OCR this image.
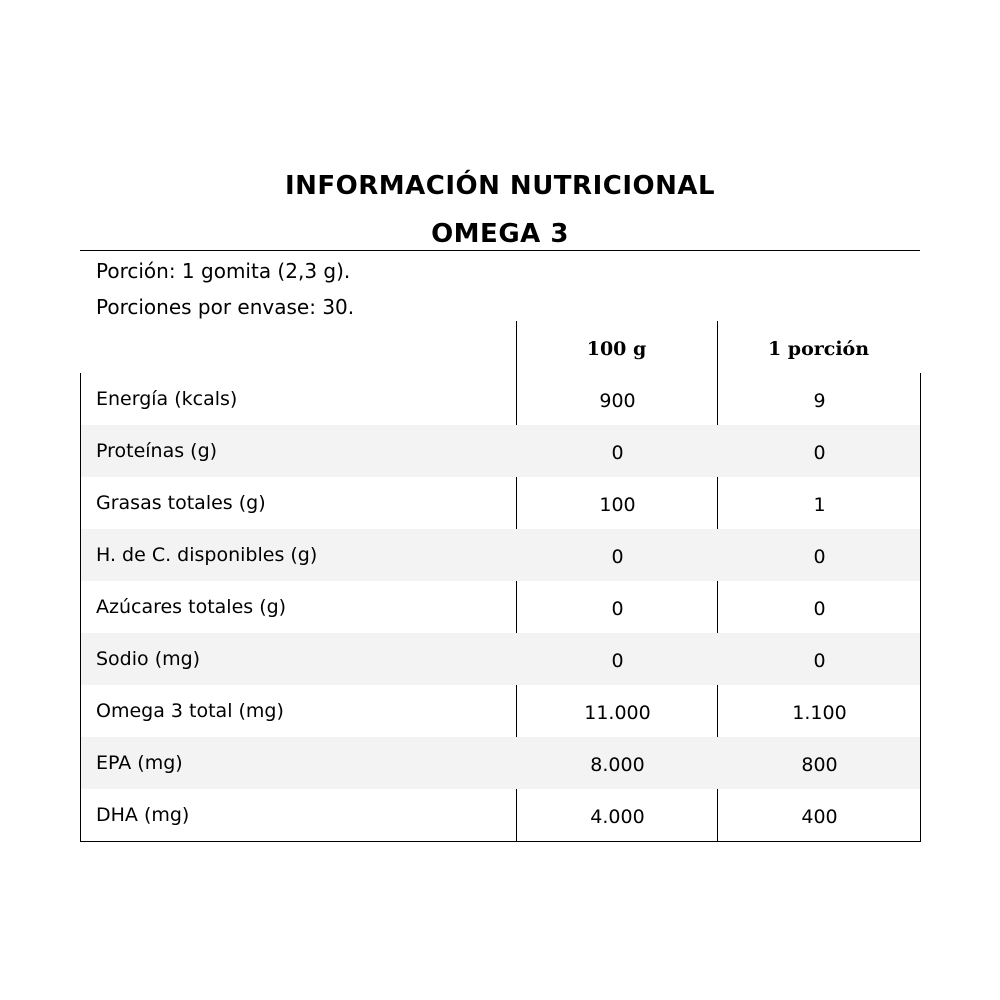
INFORMACIÓN NUTRICIONAL
OMEGA 3
Porción: 1 gomita (2,3 g).
Porciones por envase: 30.
100 g	1 porción
Energía (kcals)	900	9
Proteínas (g)	0	0
Grasas totales (g)	100	1
H. de C. disponibles (g)	0	0
Azúcares totales (g)	0	0
Sodio (mg)	0	0
Omega 3 total (mg)	11.000	1.100
EPA (mg)	8.000	800
DHA (mg)	4.000	400
